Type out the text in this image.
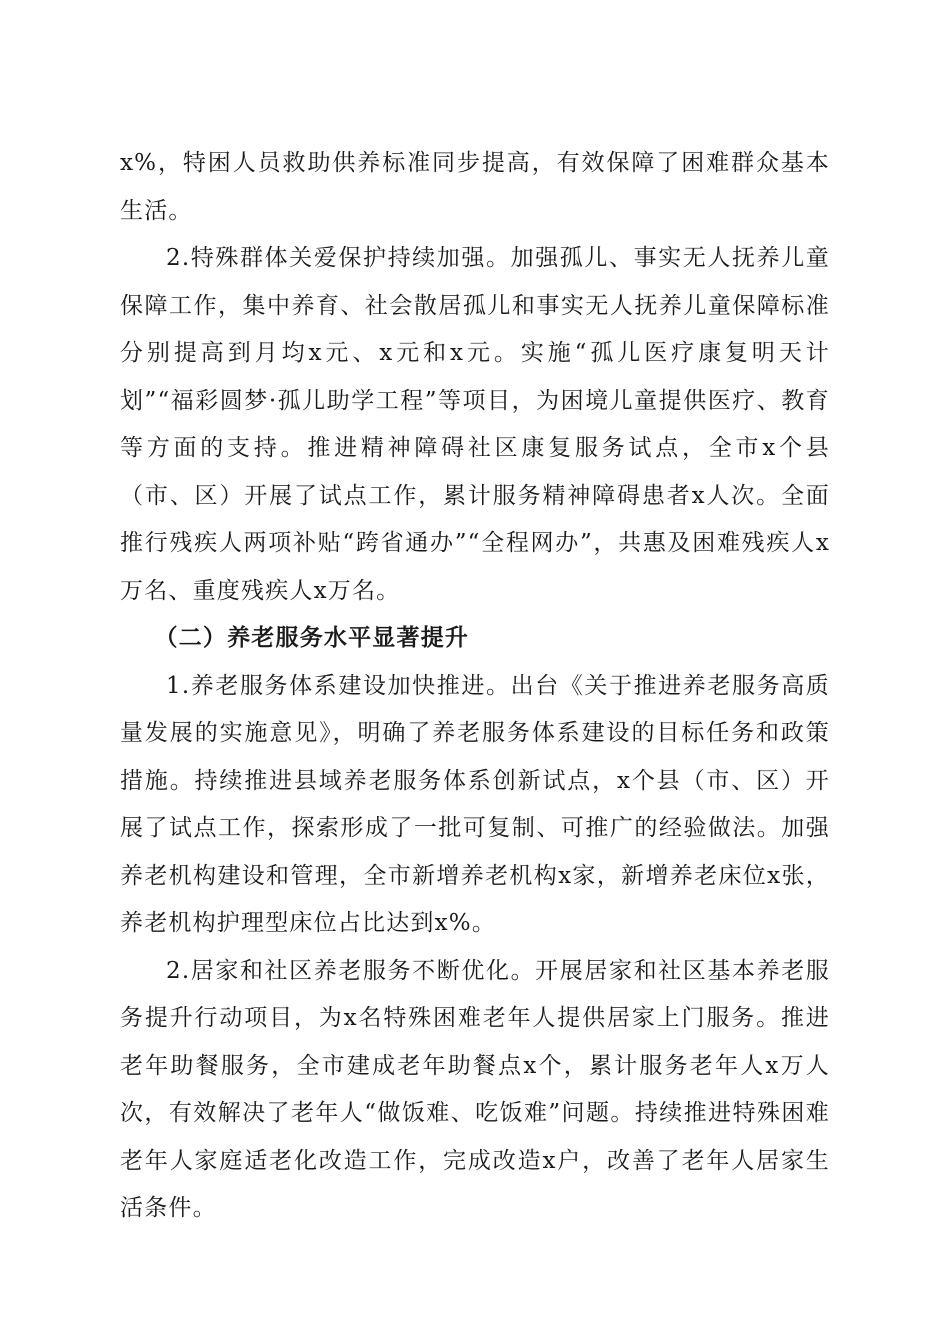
x%，特困人员救助供养标准同步提高，有效保障了困难群众基本生活。

2.特殊群体关爱保护持续加强。加强孤儿、事实无人抚养儿童保障工作，集中养育、社会散居孤儿和事实无人抚养儿童保障标准分别提高到月均x元、x元和x元。实施“孤儿医疗康复明天计划”“福彩圆梦·孤儿助学工程”等项目，为困境儿童提供医疗、教育等方面的支持。推进精神障碍社区康复服务试点，全市x个县（市、区）开展了试点工作，累计服务精神障碍患者x人次。全面推行残疾人两项补贴“跨省通办”“全程网办”，共惠及困难残疾人x万名、重度残疾人x万名。

（二）养老服务水平显著提升

1.养老服务体系建设加快推进。出台《关于推进养老服务高质量发展的实施意见》，明确了养老服务体系建设的目标任务和政策措施。持续推进县域养老服务体系创新试点，x个县（市、区）开展了试点工作，探索形成了一批可复制、可推广的经验做法。加强养老机构建设和管理，全市新增养老机构x家，新增养老床位x张，养老机构护理型床位占比达到x%。

2.居家和社区养老服务不断优化。开展居家和社区基本养老服务提升行动项目，为x名特殊困难老年人提供居家上门服务。推进老年助餐服务，全市建成老年助餐点x个，累计服务老年人x万人次，有效解决了老年人“做饭难、吃饭难”问题。持续推进特殊困难老年人家庭适老化改造工作，完成改造x户，改善了老年人居家生活条件。
